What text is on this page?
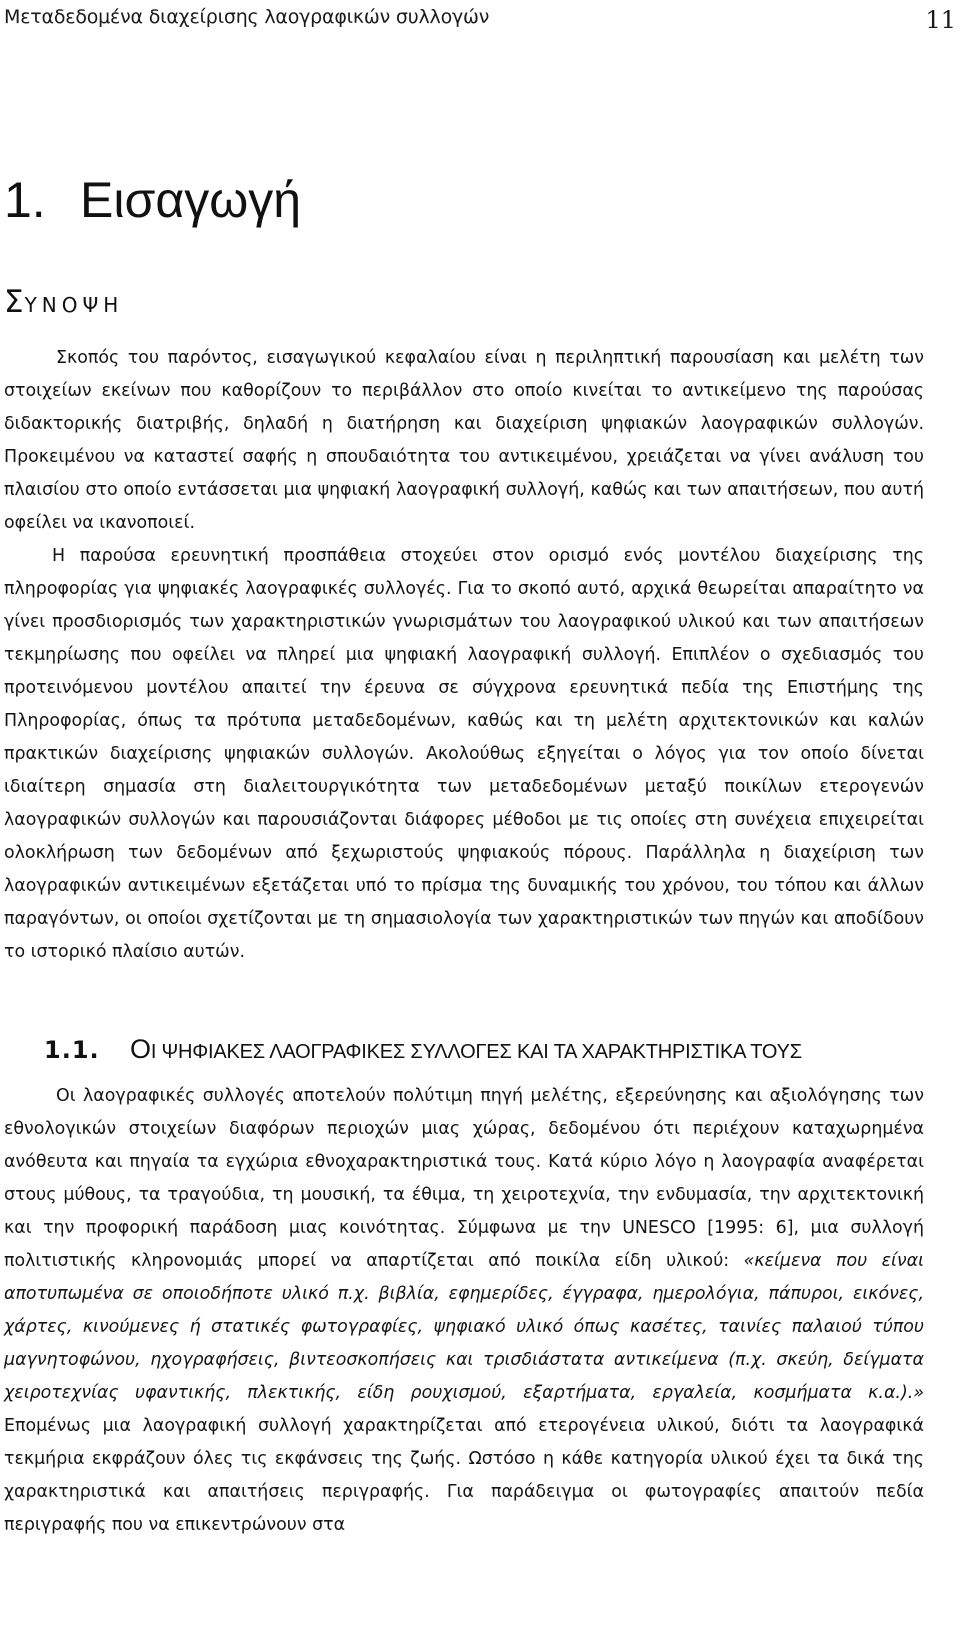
Μεταδεδομένα διαχείρισης λαογραφικών συλλογών	11
1. Εισαγωγή
ΣΥΝΟΨΗ

Σκοπός του παρόντος, εισαγωγικού κεφαλαίου είναι η περιληπτική παρουσίαση και μελέτη των στοιχείων εκείνων που καθορίζουν το περιβάλλον στο οποίο κινείται το αντικείμενο της παρούσας διδακτορικής διατριβής, δηλαδή η διατήρηση και διαχείριση ψηφιακών λαογραφικών συλλογών. Προκειμένου να καταστεί σαφής η σπουδαιότητα του αντικειμένου, χρειάζεται να γίνει ανάλυση του πλαισίου στο οποίο εντάσσεται μια ψηφιακή λαογραφική συλλογή, καθώς και των απαιτήσεων, που αυτή οφείλει να ικανοποιεί.

Η παρούσα ερευνητική προσπάθεια στοχεύει στον ορισμό ενός μοντέλου διαχείρισης της πληροφορίας για ψηφιακές λαογραφικές συλλογές. Για το σκοπό αυτό, αρχικά θεωρείται απαραίτητο να γίνει προσδιορισμός των χαρακτηριστικών γνωρισμάτων του λαογραφικού υλικού και των απαιτήσεων τεκμηρίωσης που οφείλει να πληρεί μια ψηφιακή λαογραφική συλλογή. Επιπλέον ο σχεδιασμός του προτεινόμενου μοντέλου απαιτεί την έρευνα σε σύγχρονα ερευνητικά πεδία της Επιστήμης της Πληροφορίας, όπως τα πρότυπα μεταδεδομένων, καθώς και τη μελέτη αρχιτεκτονικών και καλών πρακτικών διαχείρισης ψηφιακών συλλογών. Ακολούθως εξηγείται ο λόγος για τον οποίο δίνεται ιδιαίτερη σημασία στη διαλειτουργικότητα των μεταδεδομένων μεταξύ ποικίλων ετερογενών λαογραφικών συλλογών και παρουσιάζονται διάφορες μέθοδοι με τις οποίες στη συνέχεια επιχειρείται ολοκλήρωση των δεδομένων από ξεχωριστούς ψηφιακούς πόρους. Παράλληλα η διαχείριση των λαογραφικών αντικειμένων εξετάζεται υπό το πρίσμα της δυναμικής του χρόνου, του τόπου και άλλων παραγόντων, οι οποίοι σχετίζονται με τη σημασιολογία των χαρακτηριστικών των πηγών και αποδίδουν το ιστορικό πλαίσιο αυτών.

1.1. ΟΙ ΨΗΦΙΑΚΕΣ ΛΑΟΓΡΑΦΙΚΕΣ ΣΥΛΛΟΓΕΣ ΚΑΙ ΤΑ ΧΑΡΑΚΤΗΡΙΣΤΙΚΑ ΤΟΥΣ

Οι λαογραφικές συλλογές αποτελούν πολύτιμη πηγή μελέτης, εξερεύνησης και αξιολόγησης των εθνολογικών στοιχείων διαφόρων περιοχών μιας χώρας, δεδομένου ότι περιέχουν καταχωρημένα ανόθευτα και πηγαία τα εγχώρια εθνοχαρακτηριστικά τους. Κατά κύριο λόγο η λαογραφία αναφέρεται στους μύθους, τα τραγούδια, τη μουσική, τα έθιμα, τη χειροτεχνία, την ενδυμασία, την αρχιτεκτονική και την προφορική παράδοση μιας κοινότητας. Σύμφωνα με την UNESCO [1995: 6], μια συλλογή πολιτιστικής κληρονομιάς μπορεί να απαρτίζεται από ποικίλα είδη υλικού: «κείμενα που είναι αποτυπωμένα σε οποιοδήποτε υλικό π.χ. βιβλία, εφημερίδες, έγγραφα, ημερολόγια, πάπυροι, εικόνες, χάρτες, κινούμενες ή στατικές φωτογραφίες, ψηφιακό υλικό όπως κασέτες, ταινίες παλαιού τύπου μαγνητοφώνου, ηχογραφήσεις, βιντεοσκοπήσεις και τρισδιάστατα αντικείμενα (π.χ. σκεύη, δείγματα χειροτεχνίας υφαντικής, πλεκτικής, είδη ρουχισμού, εξαρτήματα, εργαλεία, κοσμήματα κ.α.).» Επομένως μια λαογραφική συλλογή χαρακτηρίζεται από ετερογένεια υλικού, διότι τα λαογραφικά τεκμήρια εκφράζουν όλες τις εκφάνσεις της ζωής. Ωστόσο η κάθε κατηγορία υλικού έχει τα δικά της χαρακτηριστικά και απαιτήσεις περιγραφής. Για παράδειγμα οι φωτογραφίες απαιτούν πεδία περιγραφής που να επικεντρώνουν στα
